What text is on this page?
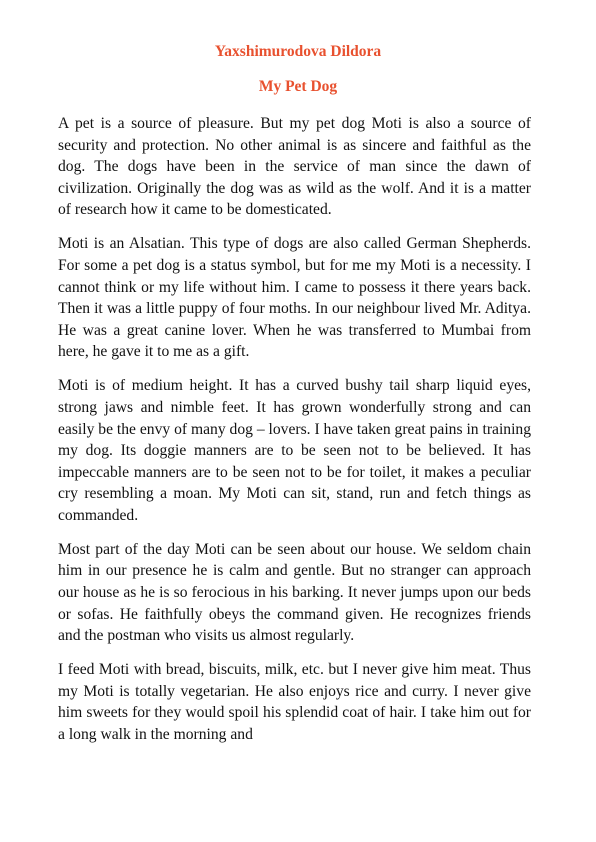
Yaxshimurodova Dildora
My Pet Dog

A pet is a source of pleasure. But my pet dog Moti is also a source of security and protection. No other animal is as sincere and faithful as the dog. The dogs have been in the service of man since the dawn of civilization. Originally the dog was as wild as the wolf. And it is a matter of research how it came to be domesticated.

Moti is an Alsatian. This type of dogs are also called German Shepherds. For some a pet dog is a status symbol, but for me my Moti is a necessity. I cannot think or my life without him. I came to possess it there years back. Then it was a little puppy of four moths. In our neighbour lived Mr. Aditya. He was a great canine lover. When he was transferred to Mumbai from here, he gave it to me as a gift.

Moti is of medium height. It has a curved bushy tail sharp liquid eyes, strong jaws and nimble feet. It has grown wonderfully strong and can easily be the envy of many dog – lovers. I have taken great pains in training my dog. Its doggie manners are to be seen not to be believed. It has impeccable manners are to be seen not to be for toilet, it makes a peculiar cry resembling a moan. My Moti can sit, stand, run and fetch things as commanded.

Most part of the day Moti can be seen about our house. We seldom chain him in our presence he is calm and gentle. But no stranger can approach our house as he is so ferocious in his barking. It never jumps upon our beds or sofas. He faithfully obeys the command given. He recognizes friends and the postman who visits us almost regularly.

I feed Moti with bread, biscuits, milk, etc. but I never give him meat. Thus my Moti is totally vegetarian. He also enjoys rice and curry. I never give him sweets for they would spoil his splendid coat of hair. I take him out for a long walk in the morning and
